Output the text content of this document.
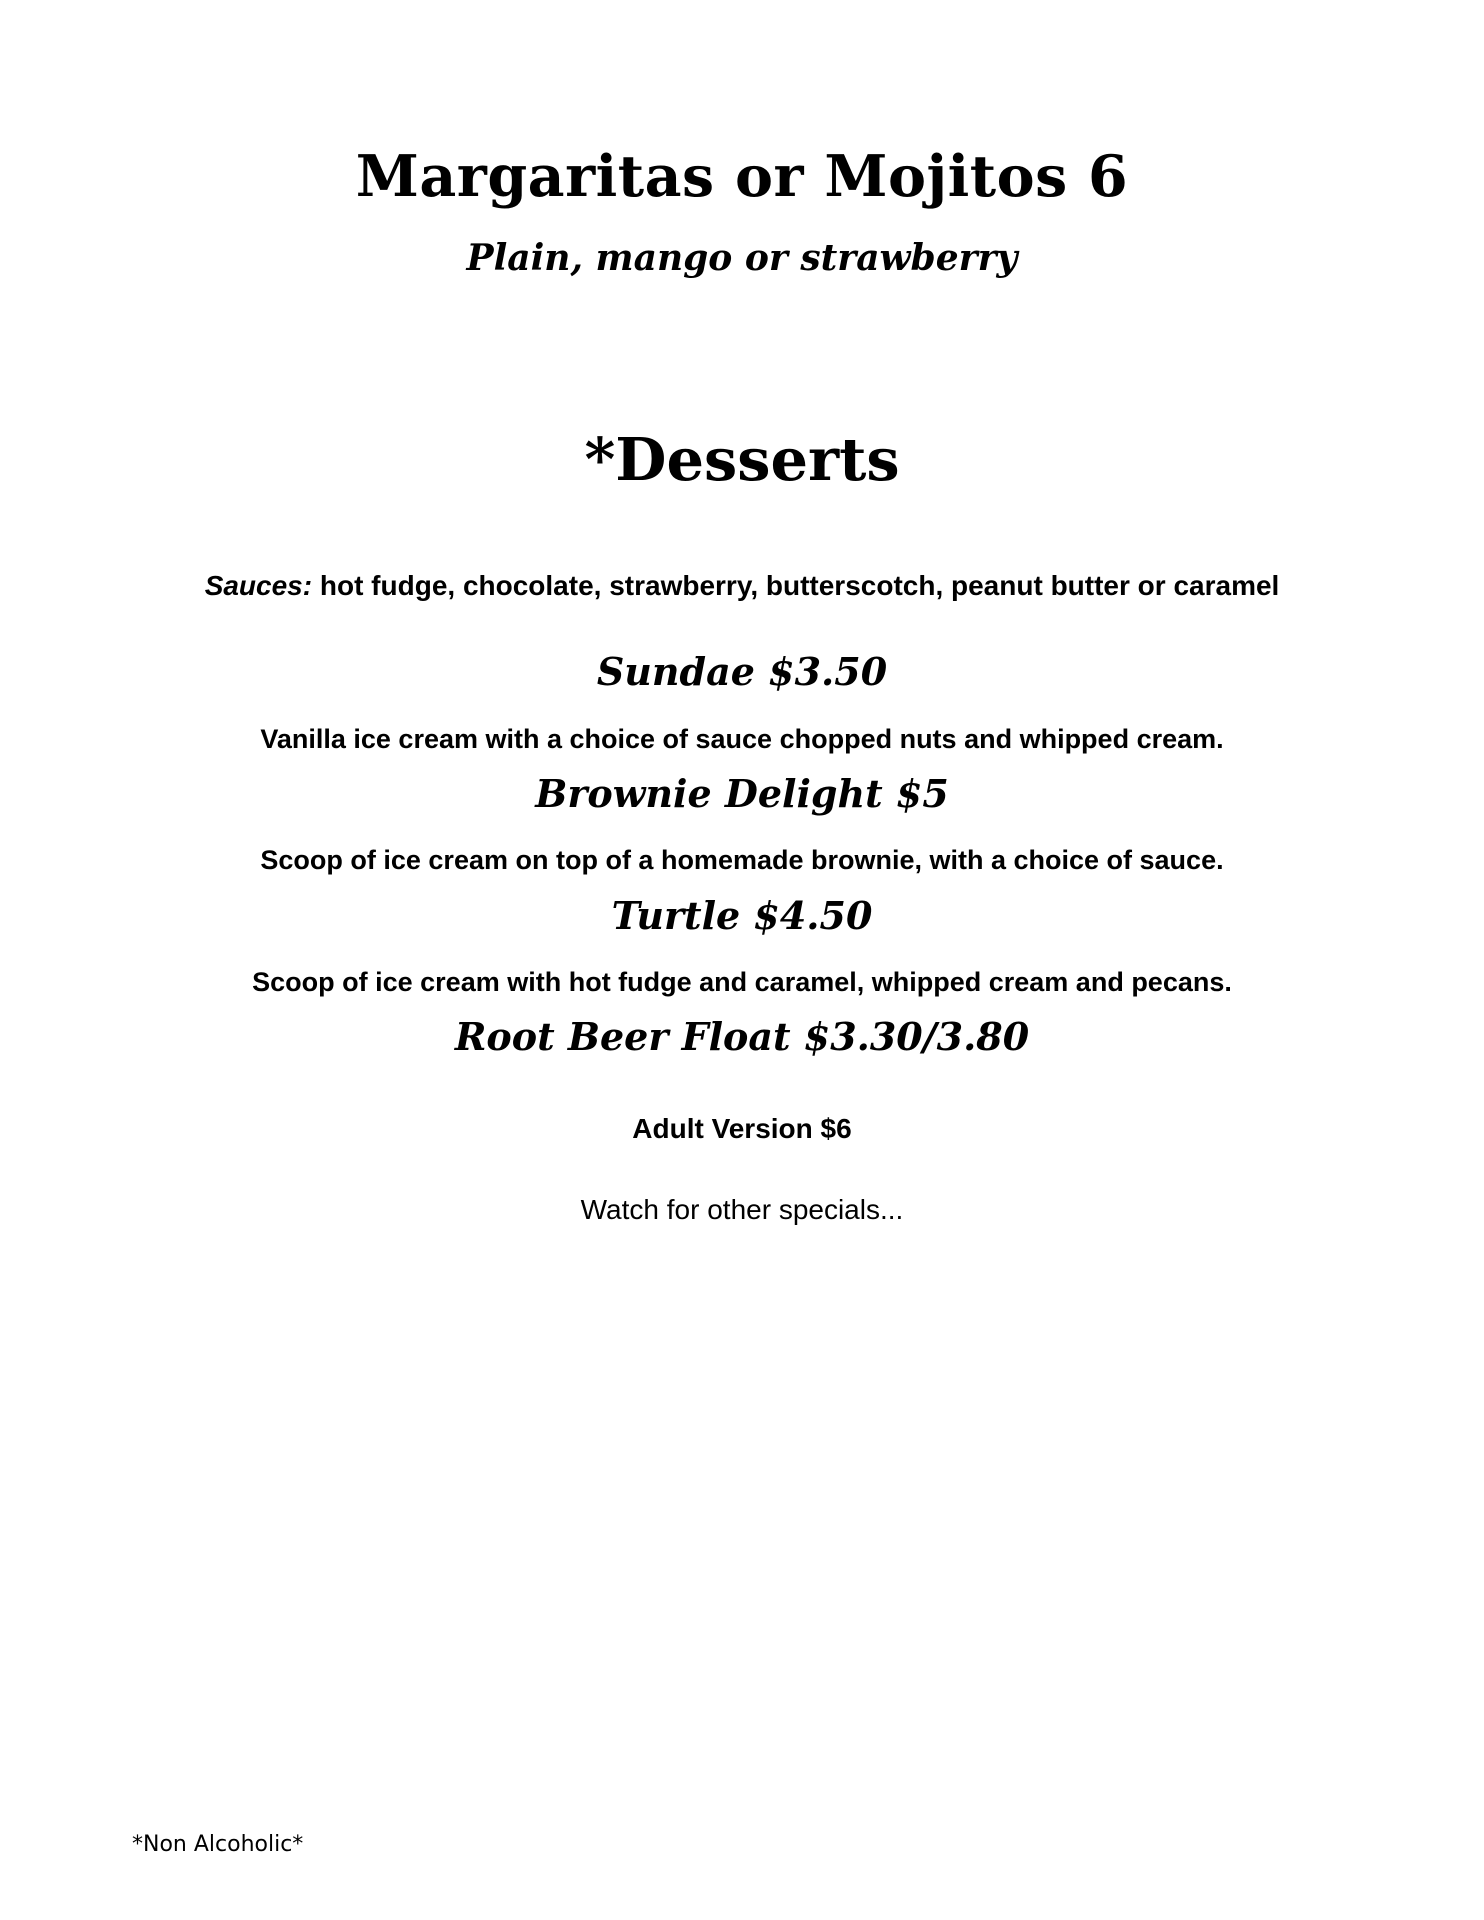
Margaritas or Mojitos 6

Plain, mango or strawberry

*Desserts

Sauces: hot fudge, chocolate, strawberry, butterscotch, peanut butter or caramel

Sundae $3.50

Vanilla ice cream with a choice of sauce chopped nuts and whipped cream.

Brownie Delight $5

Scoop of ice cream on top of a homemade brownie, with a choice of sauce.

Turtle $4.50

Scoop of ice cream with hot fudge and caramel, whipped cream and pecans.

Root Beer Float $3.30/3.80

Adult Version $6

Watch for other specials...

*Non Alcoholic*
